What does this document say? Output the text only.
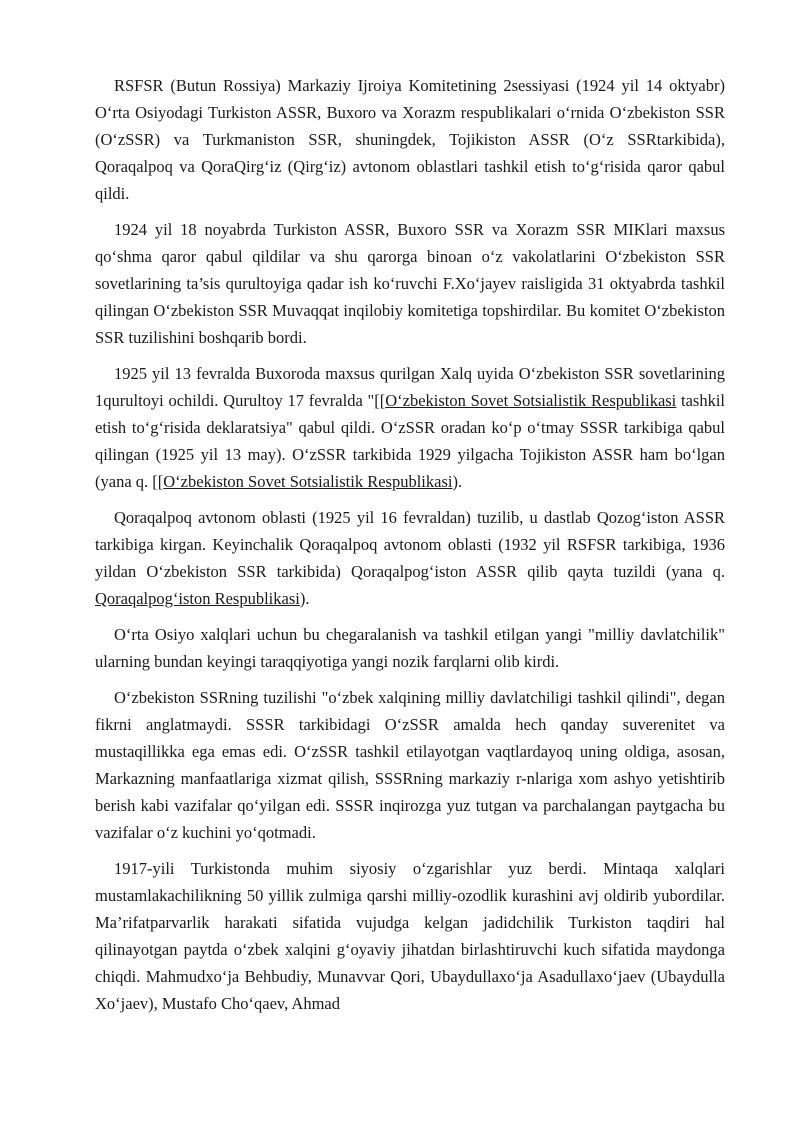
RSFSR (Butun Rossiya) Markaziy Ijroiya Komitetining 2sessiyasi (1924 yil 14 oktyabr) O‘rta Osiyodagi Turkiston ASSR, Buxoro va Xorazm respublikalari o‘rnida O‘zbekiston SSR (O‘zSSR) va Turkmaniston SSR, shuningdek, Tojikiston ASSR (O‘z SSRtarkibida), Qoraqalpoq va QoraQirg‘iz (Qirg‘iz) avtonom oblastlari tashkil etish to‘g‘risida qaror qabul qildi.

1924 yil 18 noyabrda Turkiston ASSR, Buxoro SSR va Xorazm SSR MIKlari maxsus qo‘shma qaror qabul qildilar va shu qarorga binoan o‘z vakolatlarini O‘zbekiston SSR sovetlarining ta’sis qurultoyiga qadar ish ko‘ruvchi F.Xo‘jayev raisligida 31 oktyabrda tashkil qilingan O‘zbekiston SSR Muvaqqat inqilobiy komitetiga topshirdilar. Bu komitet O‘zbekiston SSR tuzilishini boshqarib bordi.

1925 yil 13 fevralda Buxoroda maxsus qurilgan Xalq uyida O‘zbekiston SSR sovetlarining 1qurultoyi ochildi. Qurultoy 17 fevralda "[[O‘zbekiston Sovet Sotsialistik Respublikasi tashkil etish to‘g‘risida deklaratsiya" qabul qildi. O‘zSSR oradan ko‘p o‘tmay SSSR tarkibiga qabul qilingan (1925 yil 13 may). O‘zSSR tarkibida 1929 yilgacha Tojikiston ASSR ham bo‘lgan (yana q. [[O‘zbekiston Sovet Sotsialistik Respublikasi).

Qoraqalpoq avtonom oblasti (1925 yil 16 fevraldan) tuzilib, u dastlab Qozog‘iston ASSR tarkibiga kirgan. Keyinchalik Qoraqalpoq avtonom oblasti (1932 yil RSFSR tarkibiga, 1936 yildan O‘zbekiston SSR tarkibida) Qoraqalpog‘iston ASSR qilib qayta tuzildi (yana q. Qoraqalpog‘iston Respublikasi).

O‘rta Osiyo xalqlari uchun bu chegaralanish va tashkil etilgan yangi "milliy davlatchilik" ularning bundan keyingi taraqqiyotiga yangi nozik farqlarni olib kirdi.

O‘zbekiston SSRning tuzilishi "o‘zbek xalqining milliy davlatchiligi tashkil qilindi", degan fikrni anglatmaydi. SSSR tarkibidagi O‘zSSR amalda hech qanday suverenitet va mustaqillikka ega emas edi. O‘zSSR tashkil etilayotgan vaqtlardayoq uning oldiga, asosan, Markazning manfaatlariga xizmat qilish, SSSRning markaziy r-nlariga xom ashyo yetishtirib berish kabi vazifalar qo‘yilgan edi. SSSR inqirozga yuz tutgan va parchalangan paytgacha bu vazifalar o‘z kuchini yo‘qotmadi.

1917-yili Turkistonda muhim siyosiy o‘zgarishlar yuz berdi. Mintaqa xalqlari mustamlakachilikning 50 yillik zulmiga qarshi milliy-ozodlik kurashini avj oldirib yubordilar. Ma’rifatparvarlik harakati sifatida vujudga kelgan jadidchilik Turkiston taqdiri hal qilinayotgan paytda o‘zbek xalqini g‘oyaviy jihatdan birlashtiruvchi kuch sifatida maydonga chiqdi. Mahmudxo‘ja Behbudiy, Munavvar Qori, Ubaydullaxo‘ja Asadullaxo‘jaev (Ubaydulla Xo‘jaev), Mustafo Cho‘qaev, Ahmad
